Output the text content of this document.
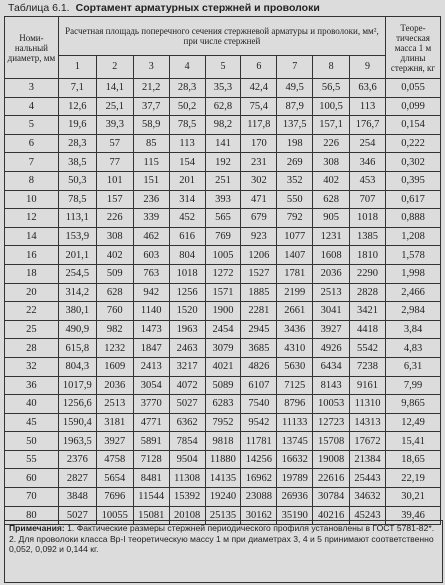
Таблица 6.1. Сортамент арматурных стержней и проволоки
Номи-нальный диаметр, мм	Расчетная площадь поперечного сечения стержневой арматуры и проволоки, мм², при числе стержней									Теоре-тическая масса 1 м длины стержня, кг
	1	2	3	4	5	6	7	8	9	
3	7,1	14,1	21,2	28,3	35,3	42,4	49,5	56,5	63,6	0,055
4	12,6	25,1	37,7	50,2	62,8	75,4	87,9	100,5	113	0,099
5	19,6	39,3	58,9	78,5	98,2	117,8	137,5	157,1	176,7	0,154
6	28,3	57	85	113	141	170	198	226	254	0,222
7	38,5	77	115	154	192	231	269	308	346	0,302
8	50,3	101	151	201	251	302	352	402	453	0,395
10	78,5	157	236	314	393	471	550	628	707	0,617
12	113,1	226	339	452	565	679	792	905	1018	0,888
14	153,9	308	462	616	769	923	1077	1231	1385	1,208
16	201,1	402	603	804	1005	1206	1407	1608	1810	1,578
18	254,5	509	763	1018	1272	1527	1781	2036	2290	1,998
20	314,2	628	942	1256	1571	1885	2199	2513	2828	2,466
22	380,1	760	1140	1520	1900	2281	2661	3041	3421	2,984
25	490,9	982	1473	1963	2454	2945	3436	3927	4418	3,84
28	615,8	1232	1847	2463	3079	3685	4310	4926	5542	4,83
32	804,3	1609	2413	3217	4021	4826	5630	6434	7238	6,31
36	1017,9	2036	3054	4072	5089	6107	7125	8143	9161	7,99
40	1256,6	2513	3770	5027	6283	7540	8796	10053	11310	9,865
45	1590,4	3181	4771	6362	7952	9542	11133	12723	14313	12,49
50	1963,5	3927	5891	7854	9818	11781	13745	15708	17672	15,41
55	2376	4758	7128	9504	11880	14256	16632	19008	21384	18,65
60	2827	5654	8481	11308	14135	16962	19789	22616	25443	22,19
70	3848	7696	11544	15392	19240	23088	26936	30784	34632	30,21
80	5027	10055	15081	20108	25135	30162	35190	40216	45243	39,46

Примечания: 1. Фактические размеры стержней периодического профиля установлены в ГОСТ 5781-82*.

2. Для проволоки класса Вр-I теоретическую массу 1 м при диаметрах 3, 4 и 5 принимают соответственно 0,052, 0,092 и 0,144 кг.
